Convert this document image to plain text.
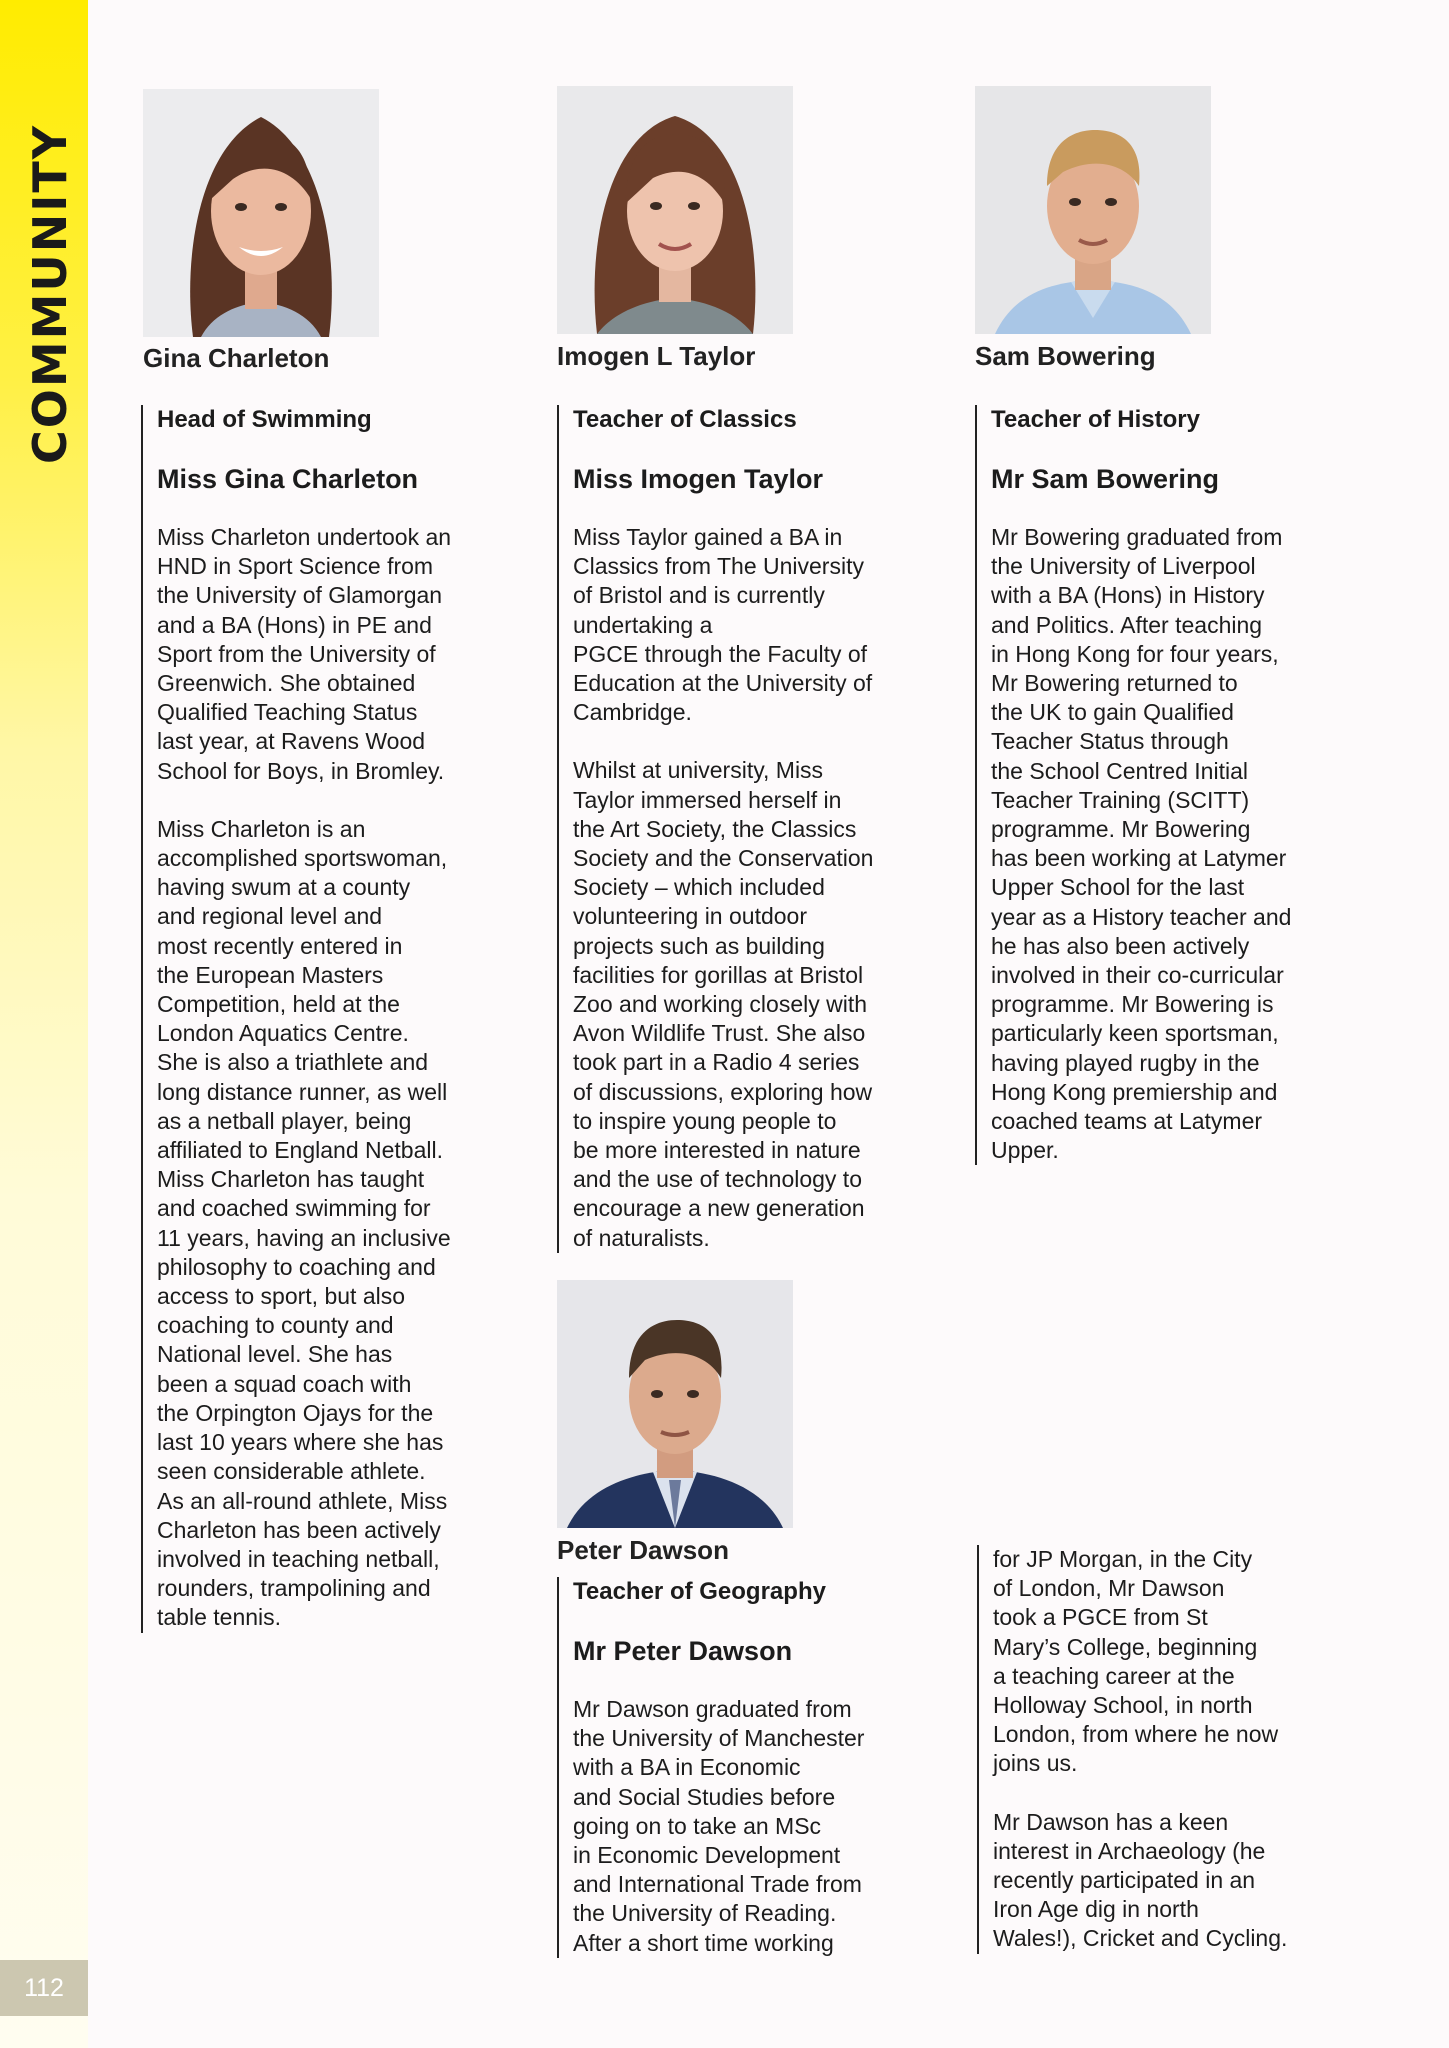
COMMUNITY
112
Gina Charleton	Imogen L Taylor	Sam Bowering
Peter Dawson
Head of Swimming
Miss Gina Charleton

Miss Charleton undertook an
HND in Sport Science from
the University of Glamorgan
and a BA (Hons) in PE and
Sport from the University of
Greenwich. She obtained
Qualified Teaching Status
last year, at Ravens Wood
School for Boys, in Bromley.

Miss Charleton is an
accomplished sportswoman,
having swum at a county
and regional level and
most recently entered in
the European Masters
Competition, held at the
London Aquatics Centre.
She is also a triathlete and
long distance runner, as well
as a netball player, being
affiliated to England Netball.
Miss Charleton has taught
and coached swimming for
11 years, having an inclusive
philosophy to coaching and
access to sport, but also
coaching to county and
National level. She has
been a squad coach with
the Orpington Ojays for the
last 10 years where she has
seen considerable athlete.
As an all-round athlete, Miss
Charleton has been actively
involved in teaching netball,
rounders, trampolining and
table tennis.

Teacher of Classics
Miss Imogen Taylor

Miss Taylor gained a BA in
Classics from The University
of Bristol and is currently
undertaking a
PGCE through the Faculty of
Education at the University of
Cambridge.

Whilst at university, Miss
Taylor immersed herself in
the Art Society, the Classics
Society and the Conservation
Society – which included
volunteering in outdoor
projects such as building
facilities for gorillas at Bristol
Zoo and working closely with
Avon Wildlife Trust. She also
took part in a Radio 4 series
of discussions, exploring how
to inspire young people to
be more interested in nature
and the use of technology to
encourage a new generation
of naturalists.

Teacher of History
Mr Sam Bowering

Mr Bowering graduated from
the University of Liverpool
with a BA (Hons) in History
and Politics. After teaching
in Hong Kong for four years,
Mr Bowering returned to
the UK to gain Qualified
Teacher Status through
the School Centred Initial
Teacher Training (SCITT)
programme. Mr Bowering
has been working at Latymer
Upper School for the last
year as a History teacher and
he has also been actively
involved in their co-curricular
programme. Mr Bowering is
particularly keen sportsman,
having played rugby in the
Hong Kong premiership and
coached teams at Latymer
Upper.

Teacher of Geography
Mr Peter Dawson

Mr Dawson graduated from
the University of Manchester
with a BA in Economic
and Social Studies before
going on to take an MSc
in Economic Development
and International Trade from
the University of Reading.
After a short time working

for JP Morgan, in the City
of London, Mr Dawson
took a PGCE from St
Mary’s College, beginning
a teaching career at the
Holloway School, in north
London, from where he now
joins us.

Mr Dawson has a keen
interest in Archaeology (he
recently participated in an
Iron Age dig in north
Wales!), Cricket and Cycling.
